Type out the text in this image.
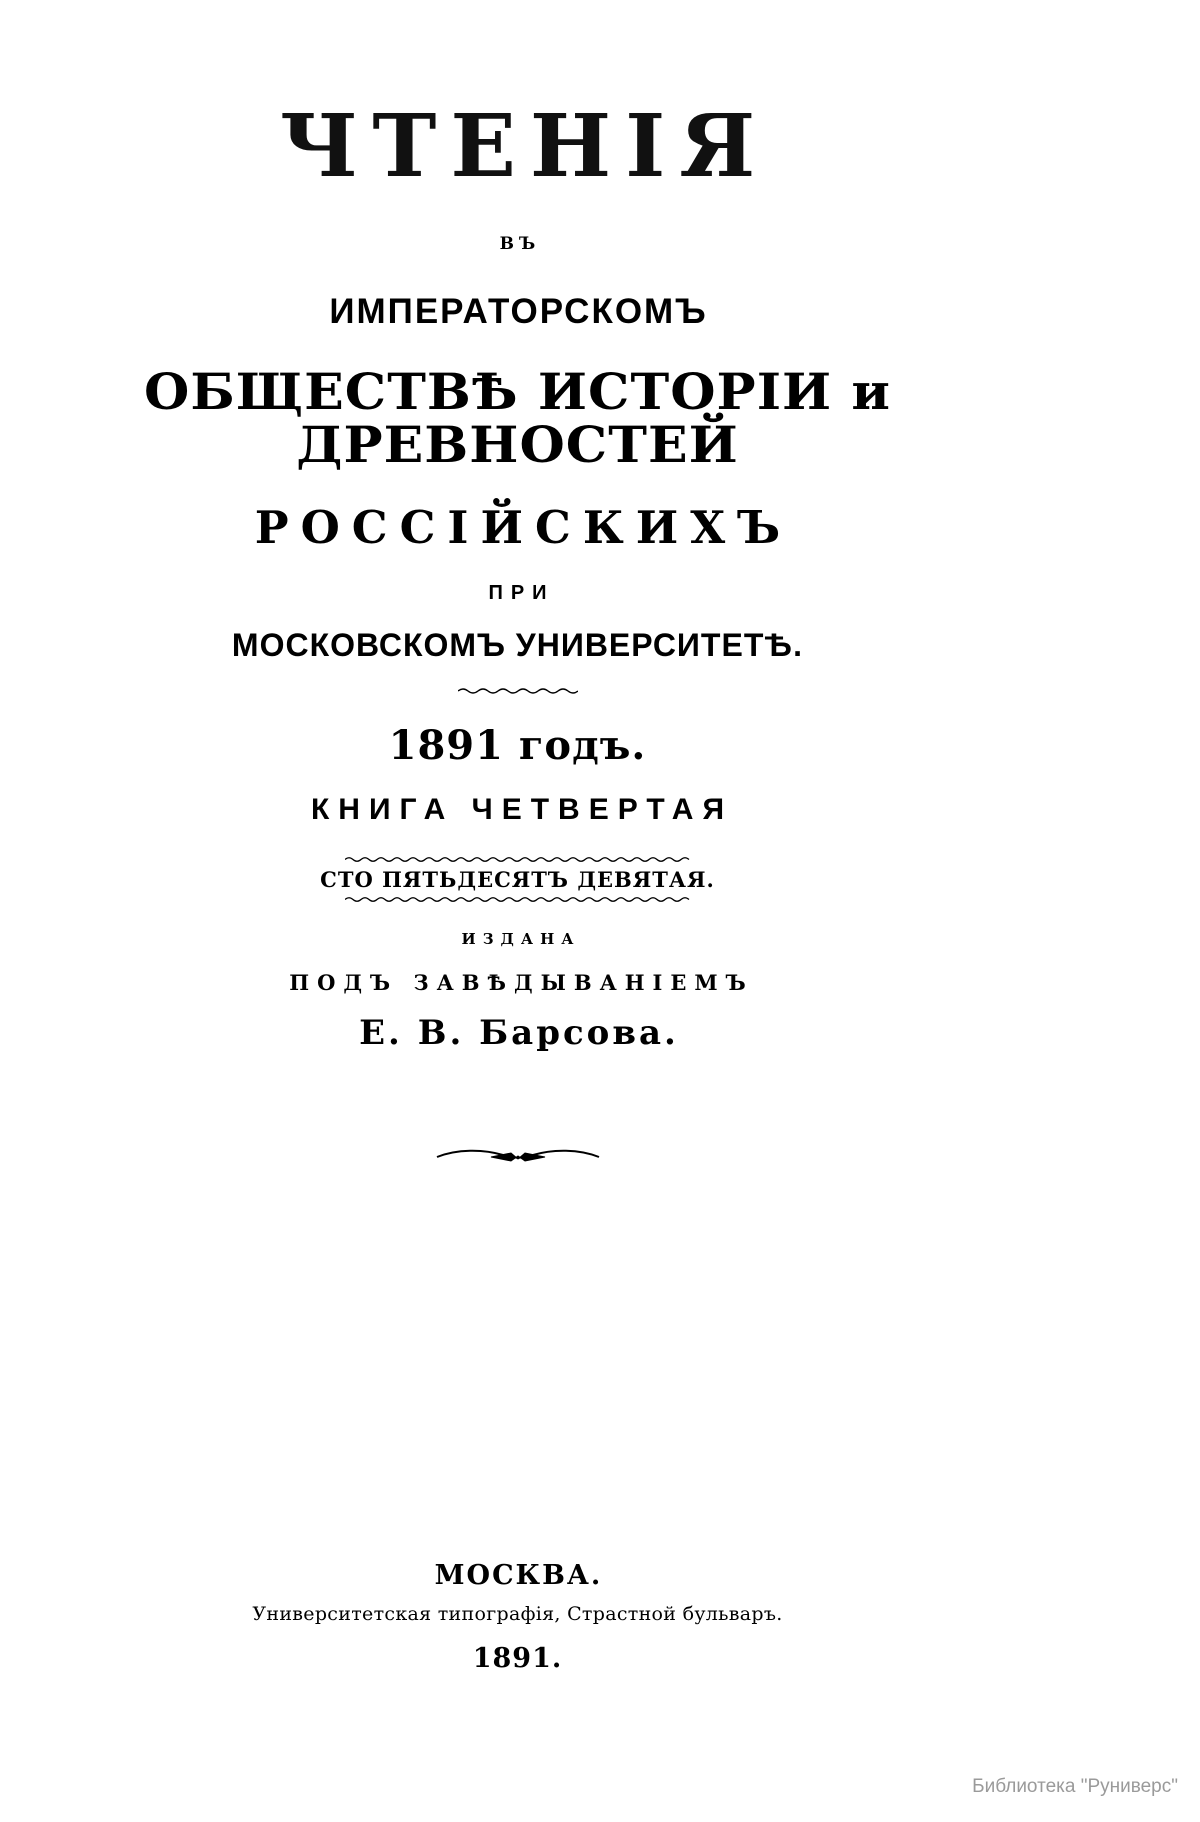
ЧТЕНІЯ
ВЪ
ИМПЕРАТОРСКОМЪ
ОБЩЕСТВѢ ИСТОРІИ и ДРЕВНОСТЕЙ
РОССІЙСКИХЪ
ПРИ
МОСКОВСКОМЪ УНИВЕРСИТЕТѢ.
1891 годъ.
КНИГА ЧЕТВЕРТАЯ
СТО ПЯТЬДЕСЯТЪ ДЕВЯТАЯ.
ИЗДАНА
ПОДЪ ЗАВѢДЫВАНІЕМЪ
Е. В. Барсова.
МОСКВА.
Университетская типографія, Страстной бульваръ.
1891.
Библиотека "Руниверс"
